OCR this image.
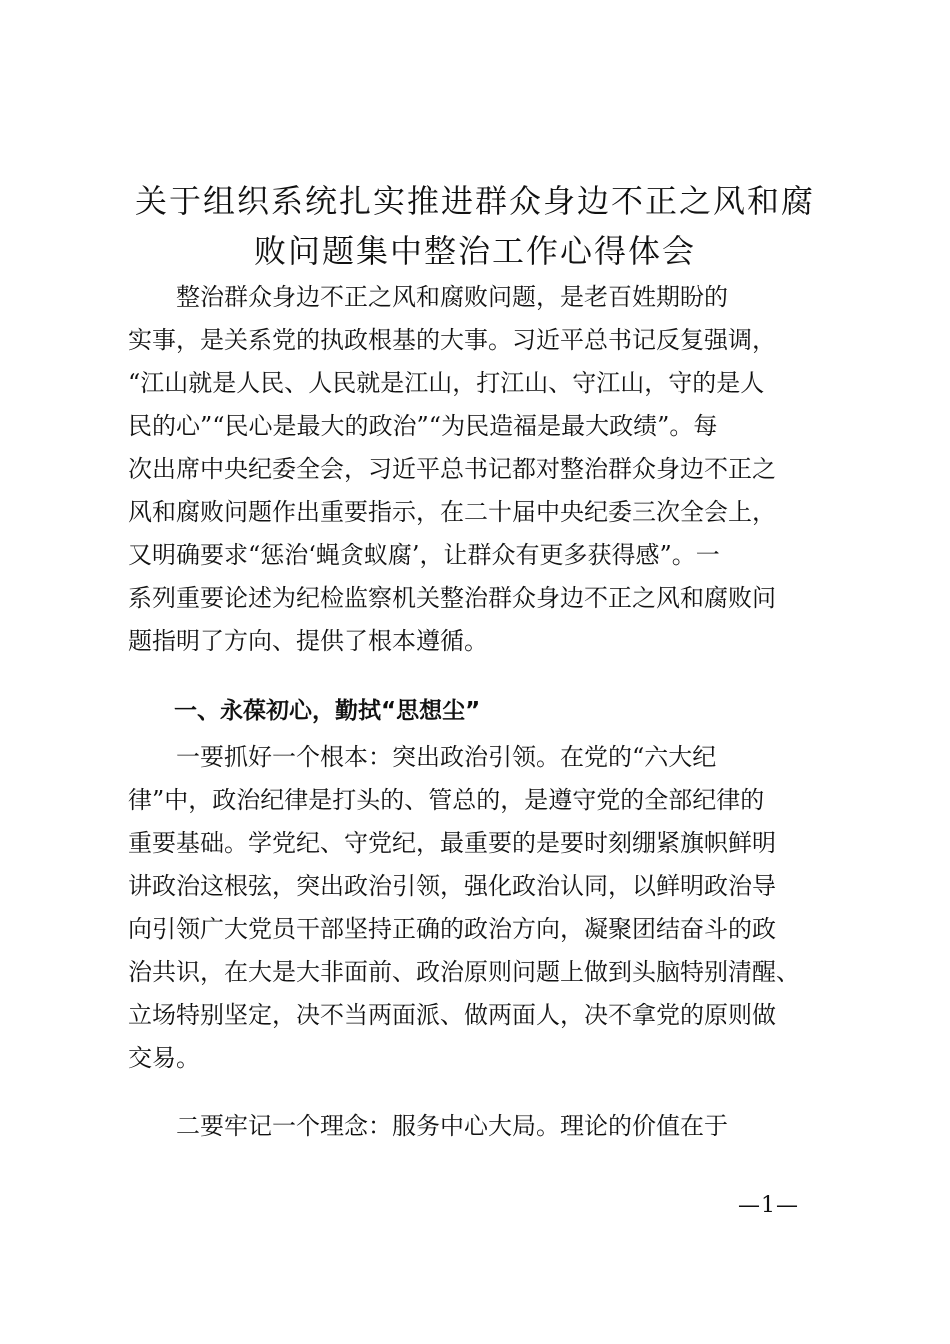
关于组织系统扎实推进群众身边不正之风和腐
败问题集中整治工作心得体会
整治群众身边不正之风和腐败问题，是老百姓期盼的
实事，是关系党的执政根基的大事。习近平总书记反复强调，
“江山就是人民、人民就是江山，打江山、守江山，守的是人
民的心”“民心是最大的政治”“为民造福是最大政绩”。每
次出席中央纪委全会，习近平总书记都对整治群众身边不正之
风和腐败问题作出重要指示，在二十届中央纪委三次全会上，
又明确要求“惩治‘蝇贪蚁腐’，让群众有更多获得感”。一
系列重要论述为纪检监察机关整治群众身边不正之风和腐败问
题指明了方向、提供了根本遵循。
一、永葆初心，勤拭“思想尘”
一要抓好一个根本：突出政治引领。在党的“六大纪
律”中，政治纪律是打头的、管总的，是遵守党的全部纪律的
重要基础。学党纪、守党纪，最重要的是要时刻绷紧旗帜鲜明
讲政治这根弦，突出政治引领，强化政治认同，以鲜明政治导
向引领广大党员干部坚持正确的政治方向，凝聚团结奋斗的政
治共识，在大是大非面前、政治原则问题上做到头脑特别清醒、
立场特别坚定，决不当两面派、做两面人，决不拿党的原则做
交易。
二要牢记一个理念：服务中心大局。理论的价值在于
—1—
